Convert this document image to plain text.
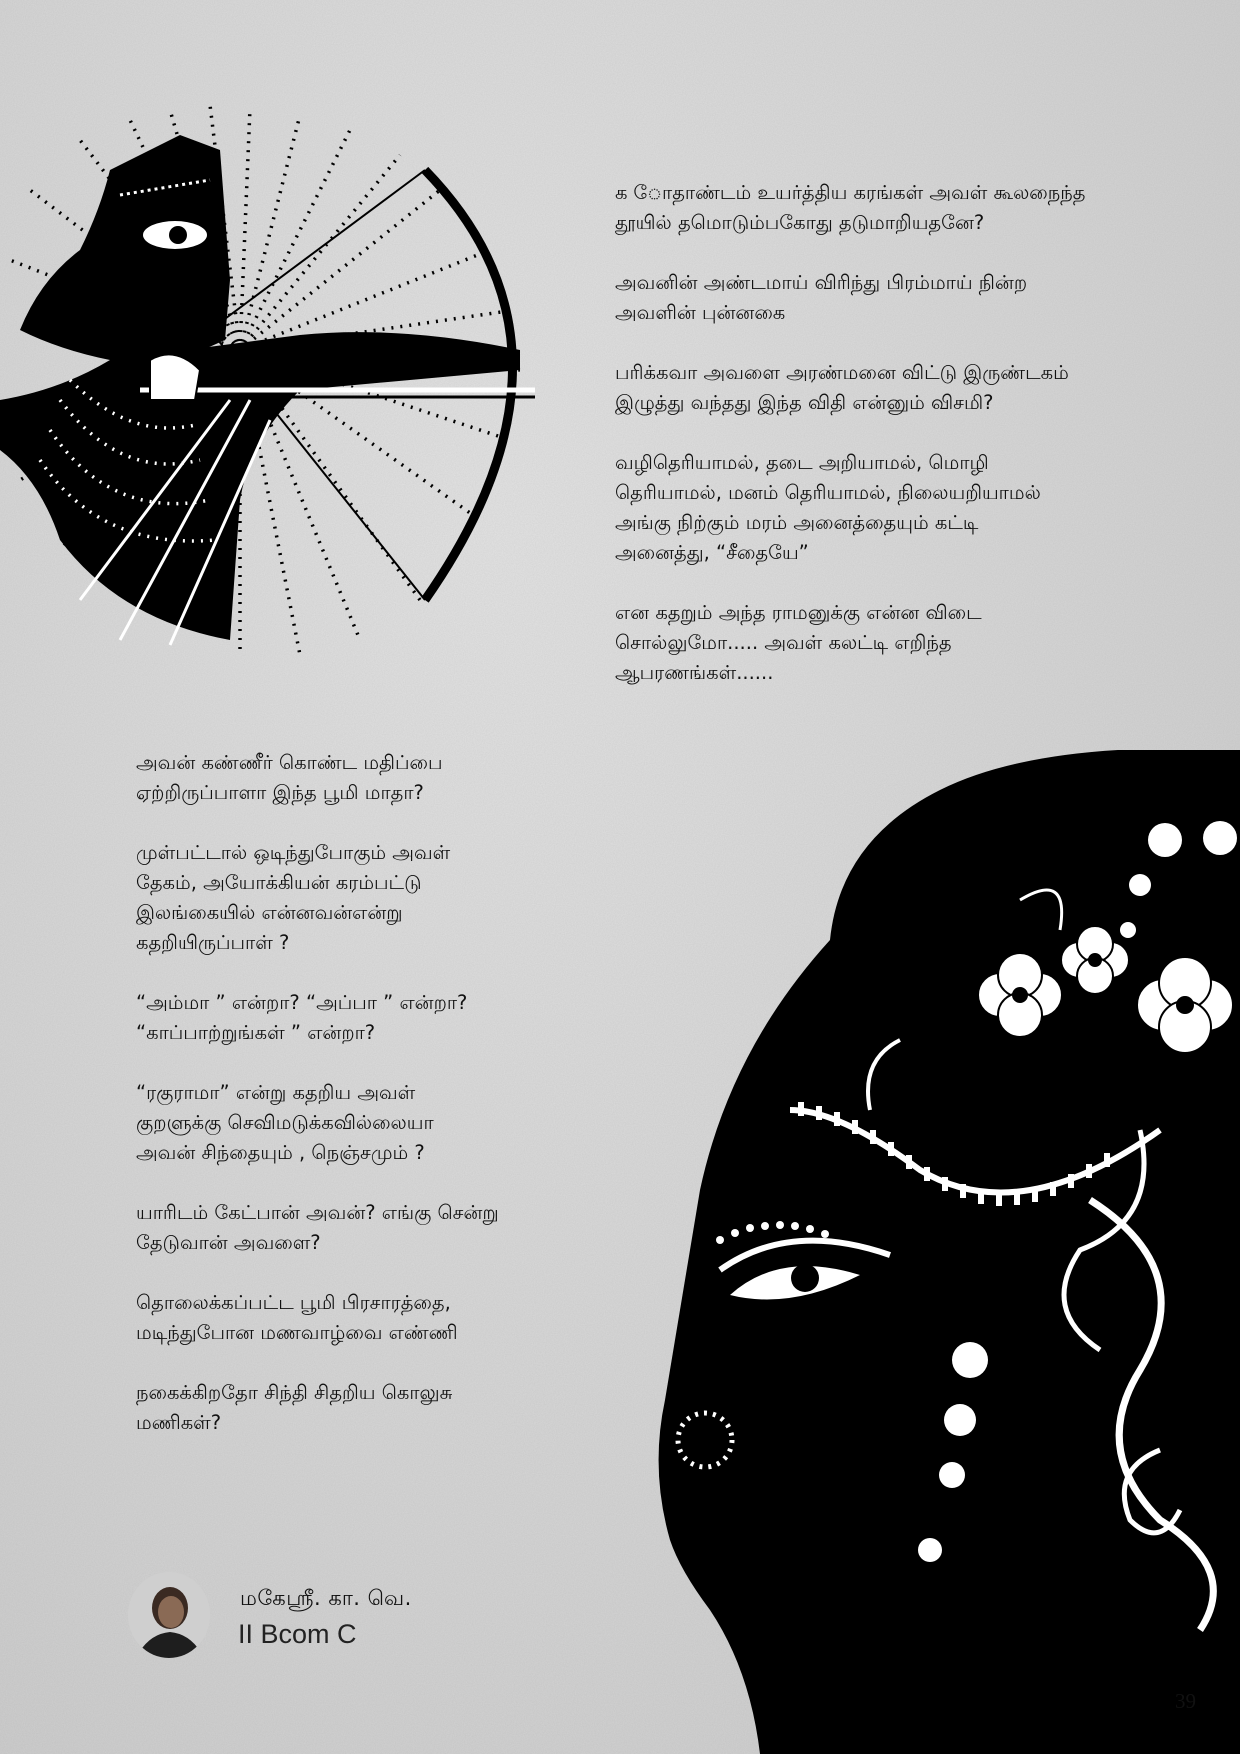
க ோதாண்டம் உயர்த்திய கரங்கள் அவள் கூலநைந்த
தூயில் தமொடும்பகோது தடுமாறியதனே?
அவனின் அண்டமாய் விரிந்து பிரம்மாய் நின்ற
அவளின் புன்னகை
பரிக்கவா அவளை அரண்மனை விட்டு இருண்டகம்
இழுத்து வந்தது இந்த விதி என்னும் விசமி?
வழிதெரியாமல், தடை அறியாமல், மொழி
தெரியாமல், மனம் தெரியாமல், நிலையறியாமல்
அங்கு நிற்கும் மரம் அனைத்தையும் கட்டி
அனைத்து, “சீதையே”
என கதறும் அந்த ராமனுக்கு என்ன விடை
சொல்லுமோ..... அவள் கலட்டி எறிந்த
ஆபரணங்கள்......
அவன் கண்ணீர் கொண்ட மதிப்பை
ஏற்றிருப்பாளா இந்த பூமி மாதா?
முள்பட்டால் ஒடிந்துபோகும் அவள்
தேகம், அயோக்கியன் கரம்பட்டு
இலங்கையில் என்னவன்என்று
கதறியிருப்பாள் ?
“அம்மா ” என்றா? “அப்பா ” என்றா?
“காப்பாற்றுங்கள் ” என்றா?
“ரகுராமா” என்று கதறிய அவள்
குறளுக்கு செவிமடுக்கவில்லையா
அவன் சிந்தையும் , நெஞ்சமும் ?
யாரிடம் கேட்பான் அவன்? எங்கு சென்று
தேடுவான் அவளை?
தொலைக்கப்பட்ட பூமி பிரசாரத்தை,
மடிந்துபோன மணவாழ்வை எண்ணி
நகைக்கிறதோ சிந்தி சிதறிய கொலுசு
மணிகள்?
மகேஸ்ரீ. கா. வெ.
II Bcom C
39
